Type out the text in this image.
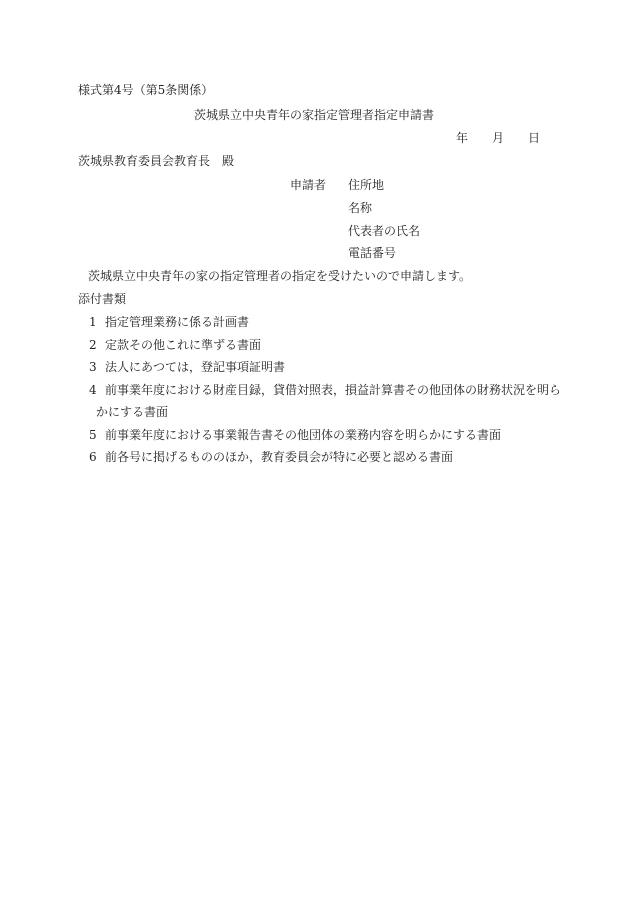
様式第4号（第5条関係）

茨城県立中央青年の家指定管理者指定申請書

年 月 日

茨城県教育委員会教育長　殿

申請者 住所地

名称

代表者の氏名

電話番号

茨城県立中央青年の家の指定管理者の指定を受けたいので申請します。

添付書類

1 指定管理業務に係る計画書
2 定款その他これに準ずる書面
3 法人にあつては，登記事項証明書
4 前事業年度における財産目録，貸借対照表，損益計算書その他団体の財務状況を明ら

かにする書面

5 前事業年度における事業報告書その他団体の業務内容を明らかにする書面
6 前各号に掲げるもののほか，教育委員会が特に必要と認める書面
